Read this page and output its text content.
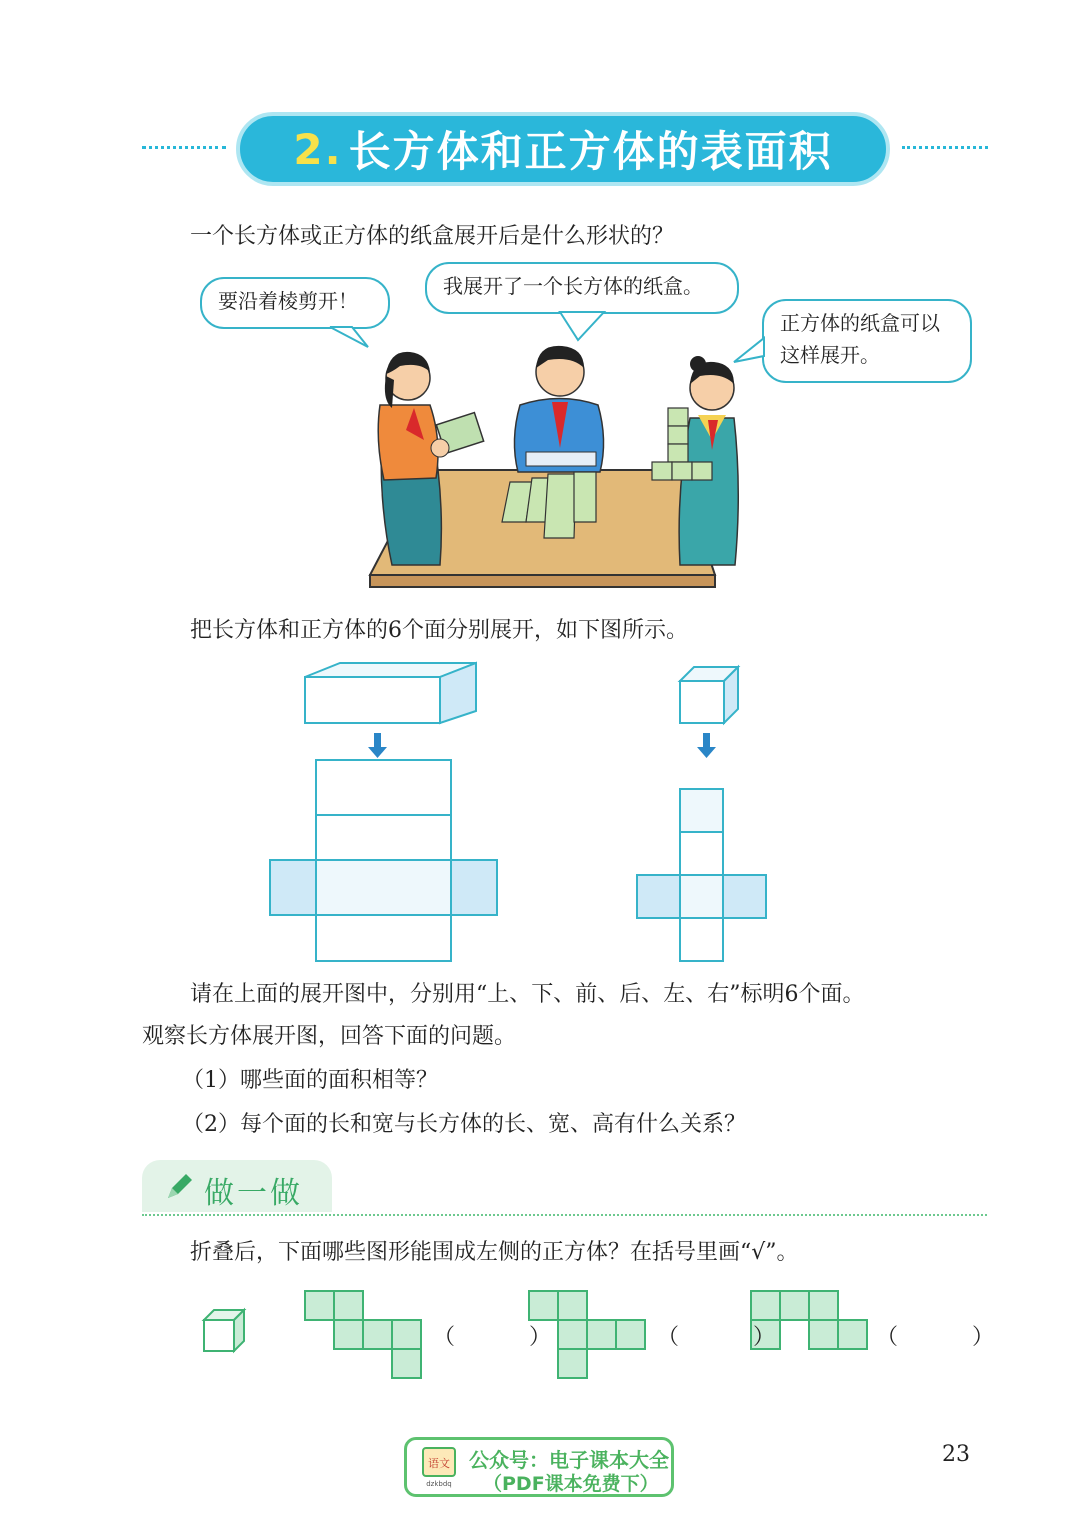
2. 长方体和正方体的表面积
一个长方体或正方体的纸盒展开后是什么形状的？
要沿着棱剪开！
我展开了一个长方体的纸盒。
正方体的纸盒可以
这样展开。
把长方体和正方体的6个面分别展开，如下图所示。
请在上面的展开图中，分别用“上、下、前、后、左、右”标明6个面。
观察长方体展开图，回答下面的问题。
（1）哪些面的面积相等？
（2）每个面的长和宽与长方体的长、宽、高有什么关系？
做一做
折叠后，下面哪些图形能围成左侧的正方体？在括号里画“√”。
（　）	（　）	（　）
语文
dzkbdq
公众号：电子课本大全
（PDF课本免费下）
23
